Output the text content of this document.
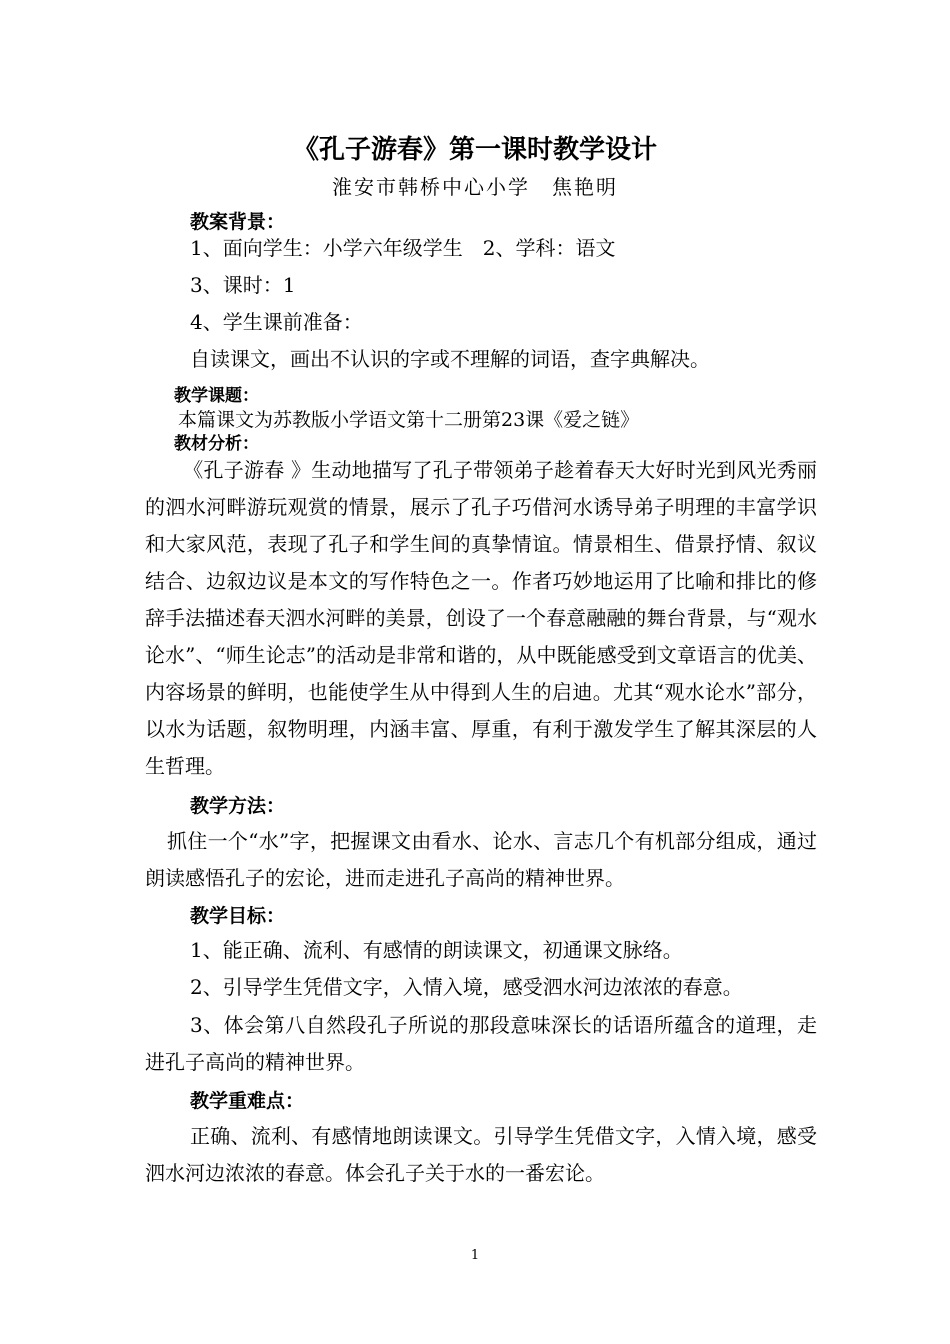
《孔子游春》第一课时教学设计
淮安市韩桥中心小学　焦艳明
教案背景：
1、面向学生：小学六年级学生　2、学科：语文
3、课时：1
4、学生课前准备：
自读课文，画出不认识的字或不理解的词语，查字典解决。
教学课题：
本篇课文为苏教版小学语文第十二册第23课《爱之链》
教材分析：

　《孔子游春 》生动地描写了孔子带领弟子趁着春天大好时光到风光秀丽的泗水河畔游玩观赏的情景，展示了孔子巧借河水诱导弟子明理的丰富学识和大家风范，表现了孔子和学生间的真挚情谊。情景相生、借景抒情、叙议结合、边叙边议是本文的写作特色之一。作者巧妙地运用了比喻和排比的修辞手法描述春天泗水河畔的美景，创设了一个春意融融的舞台背景，与“观水论水”、“师生论志”的活动是非常和谐的，从中既能感受到文章语言的优美、内容场景的鲜明，也能使学生从中得到人生的启迪。尤其“观水论水”部分，以水为话题，叙物明理，内涵丰富、厚重，有利于激发学生了解其深层的人生哲理。

教学方法：

抓住一个“水”字，把握课文由看水、论水、言志几个有机部分组成，通过朗读感悟孔子的宏论，进而走进孔子高尚的精神世界。

教学目标：
1、能正确、流利、有感情的朗读课文，初通课文脉络。
2、引导学生凭借文字，入情入境，感受泗水河边浓浓的春意。

3、体会第八自然段孔子所说的那段意味深长的话语所蕴含的道理，走进孔子高尚的精神世界。

教学重难点：

正确、流利、有感情地朗读课文。引导学生凭借文字，入情入境，感受泗水河边浓浓的春意。体会孔子关于水的一番宏论。

1
